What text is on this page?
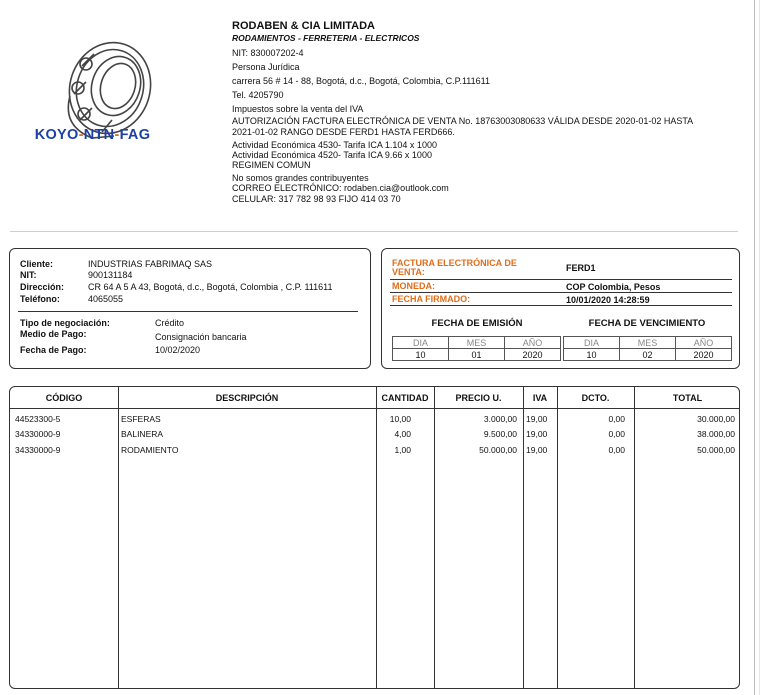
KOYO-NTN-FAG
RODABEN & CIA LIMITADA
RODAMIENTOS - FERRETERIA - ELECTRICOS
NIT: 830007202-4
Persona Jurídica
carrera 56 # 14 - 88, Bogotá, d.c., Bogotá, Colombia, C.P.111611
Tel. 4205790
Impuestos sobre la venta del IVA
AUTORIZACIÓN FACTURA ELECTRÓNICA DE VENTA No. 18763003080633 VÁLIDA DESDE 2020-01-02 HASTA
2021-01-02 RANGO DESDE FERD1 HASTA FERD666.
Actividad Económica 4530- Tarifa ICA 1.104 x 1000
Actividad Económica 4520- Tarifa ICA 9.66 x 1000
REGIMEN COMUN
No somos grandes contribuyentes
CORREO ELECTRÓNICO: rodaben.cia@outlook.com
CELULAR: 317 782 98 93 FIJO 414 03 70
Cliente:	INDUSTRIAS FABRIMAQ SAS
NIT:	900131184
Dirección:	CR 64 A 5 A 43, Bogotá, d.c., Bogotá, Colombia , C.P. 111611
Teléfono:	4065055
Tipo de negociación:	Crédito
Medio de Pago:	Consignación bancaria
Fecha de Pago:	10/02/2020
FACTURA ELECTRÓNICA DE
VENTA:	FERD1
MONEDA:	COP Colombia, Pesos
FECHA FIRMADO:	10/01/2020 14:28:59
FECHA DE EMISIÓN	FECHA DE VENCIMIENTO
DIA	MES	AÑO
10	01	2020
DIA	MES	AÑO
10	02	2020
CÓDIGO	DESCRIPCIÓN	CANTIDAD	PRECIO U.	IVA	DCTO.	TOTAL
44523300-5	ESFERAS	10,00	3.000,00 19,00	0,00	30.000,00
34330000-9	BALINERA	4,00	9.500,00 19,00	0,00	38.000,00
34330000-9	RODAMIENTO	1,00	50.000,00 19,00	0,00	50.000,00
